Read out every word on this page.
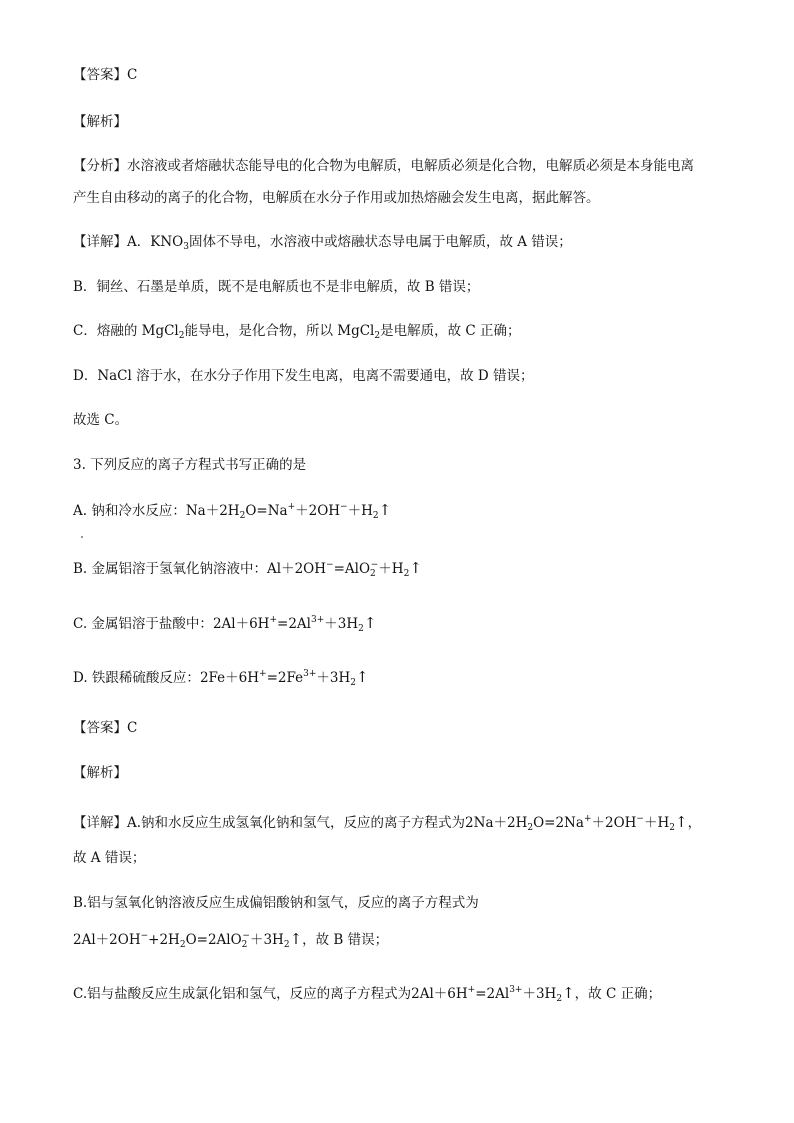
【答案】C
【解析】
【分析】水溶液或者熔融状态能导电的化合物为电解质，电解质必须是化合物，电解质必须是本身能电离
产生自由移动的离子的化合物，电解质在水分子作用或加热熔融会发生电离，据此解答。
【详解】A．$KNO_3$固体不导电，水溶液中或熔融状态导电属于电解质，故 A 错误；
B．铜丝、石墨是单质，既不是电解质也不是非电解质，故 B 错误；
C．熔融的 MgCl$_2$能导电，是化合物，所以 MgCl$_2$是电解质，故 C 正确；
D．NaCl 溶于水，在水分子作用下发生电离，电离不需要通电，故 D 错误；
故选 C。
3. 下列反应的离子方程式书写正确的是
A. 钠和冷水反应：$Na+2H_2O=Na^++2OH^-+H_2↑$
B. 金属铝溶于氢氧化钠溶液中：$Al+2OH^-=AlO_2^-+H_2↑$
C. 金属铝溶于盐酸中：$2Al+6H^+=2Al^{3+}+3H_2↑$
D. 铁跟稀硫酸反应：$2Fe+6H^+=2Fe^{3+}+3H_2↑$
【答案】C
【解析】
【详解】A.钠和水反应生成氢氧化钠和氢气，反应的离子方程式为$2Na+2H_2O=2Na^++2OH^-+H_2↑$，
故 A 错误；
B.铝与氢氧化钠溶液反应生成偏铝酸钠和氢气，反应的离子方程式为
$2Al+2OH^-+2H_2O=2AlO_2^-+3H_2↑$，故 B 错误；
C.铝与盐酸反应生成氯化铝和氢气，反应的离子方程式为$2Al+6H^+=2Al^{3+}+3H_2↑$，故 C 正确；
